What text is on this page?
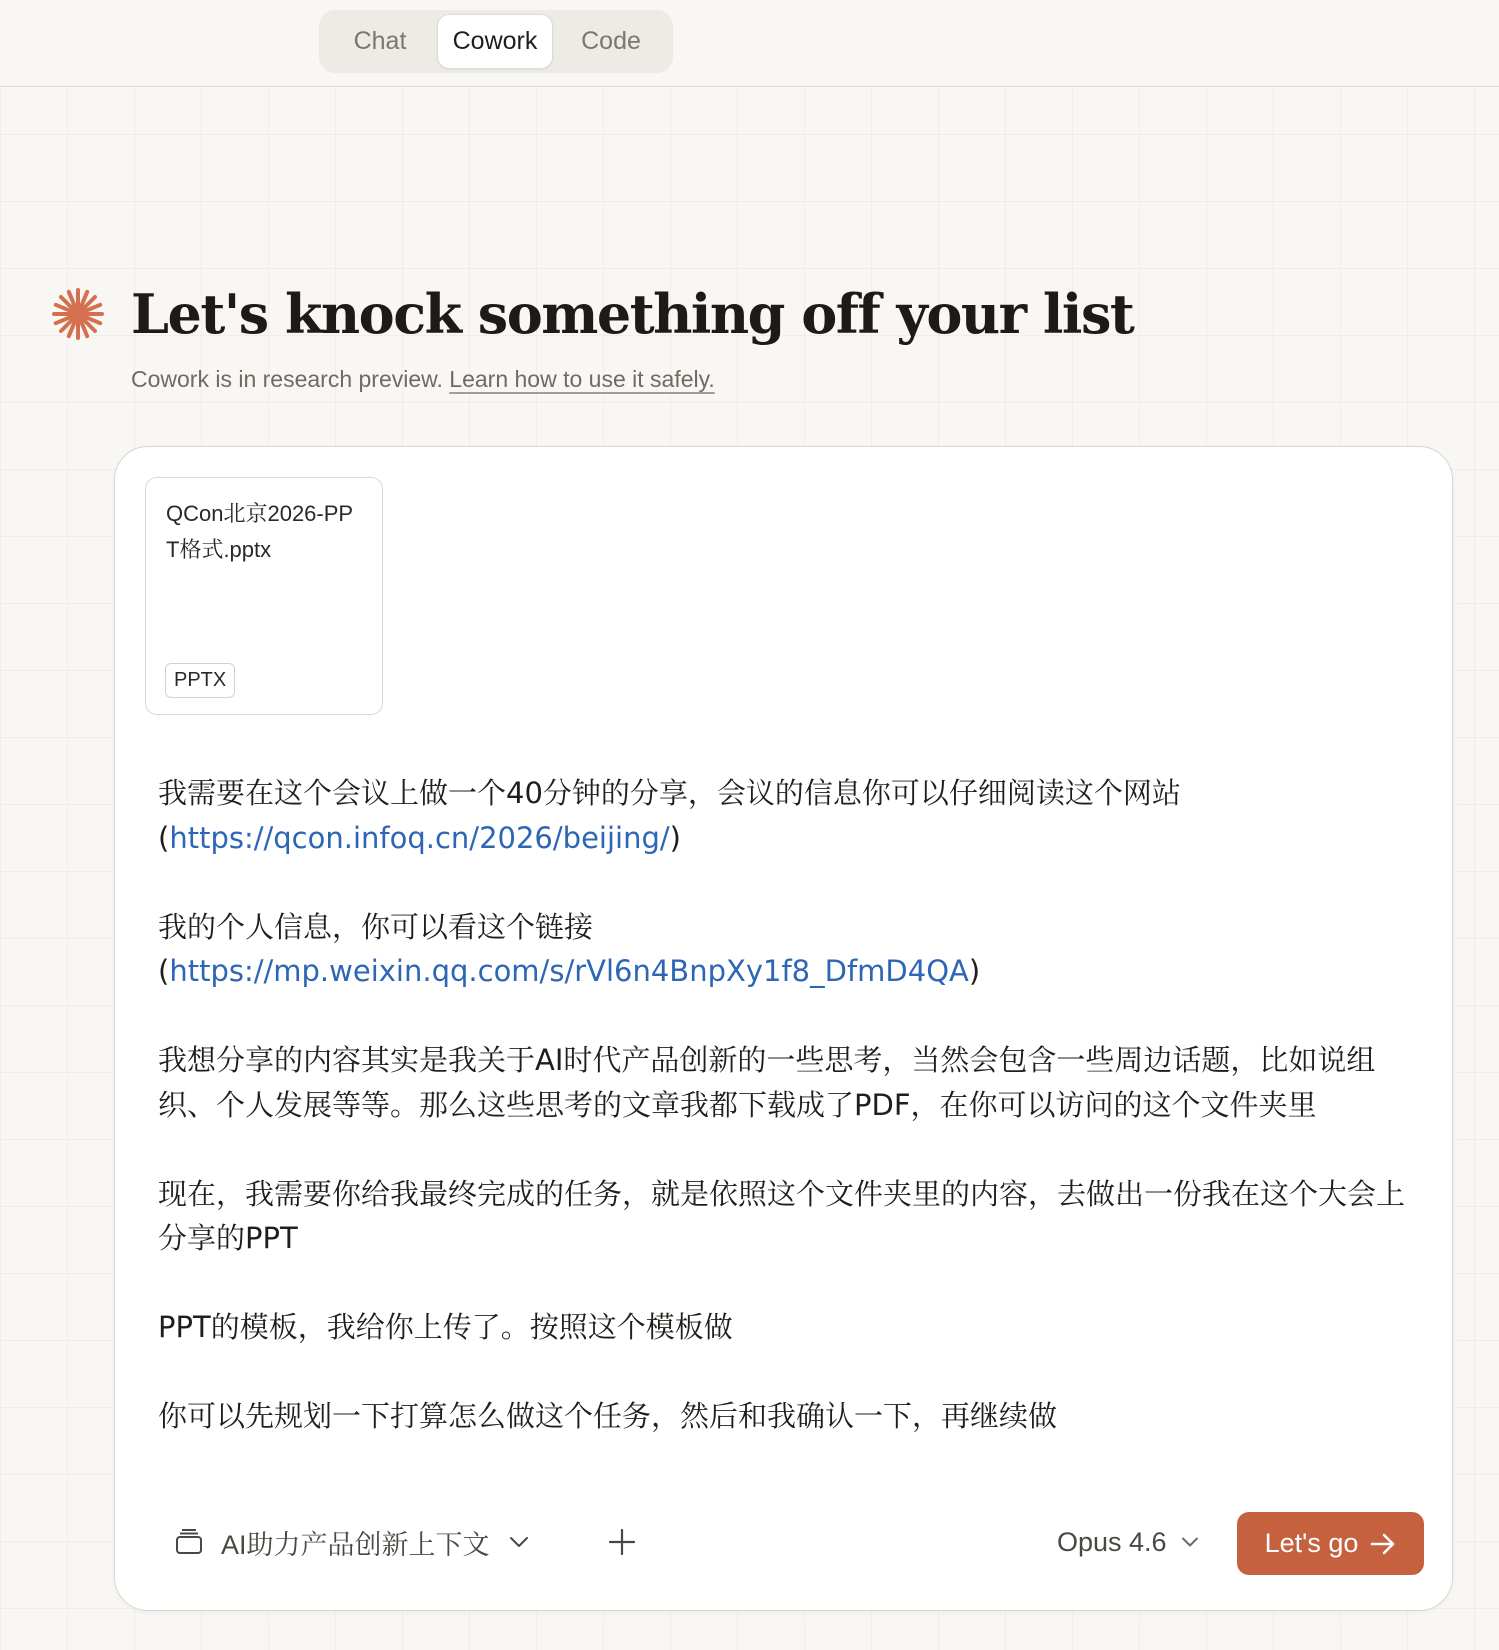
Chat	Cowork	Code
Let's knock something off your list
Cowork is in research preview. Learn how to use it safely.
QCon北京2026-PPT格式.pptx
PPTX

我需要在这个会议上做一个40分钟的分享，会议的信息你可以仔细阅读这个网站(https://qcon.infoq.cn/2026/beijing/)

我的个人信息，你可以看这个链接(https://mp.weixin.qq.com/s/rVl6n4BnpXy1f8_DfmD4QA)

我想分享的内容其实是我关于AI时代产品创新的一些思考，当然会包含一些周边话题，比如说组织、个人发展等等。那么这些思考的文章我都下载成了PDF，在你可以访问的这个文件夹里

现在，我需要你给我最终完成的任务，就是依照这个文件夹里的内容，去做出一份我在这个大会上分享的PPT

PPT的模板，我给你上传了。按照这个模板做

你可以先规划一下打算怎么做这个任务，然后和我确认一下，再继续做

AI助力产品创新上下文	Opus 4.6	Let's go
